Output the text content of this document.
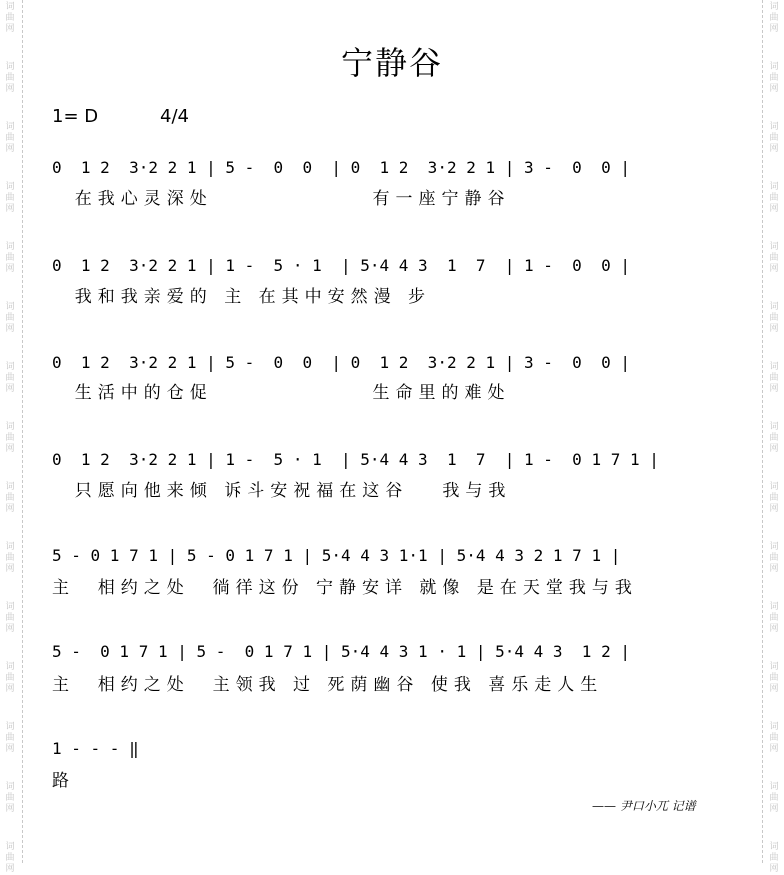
宁静谷
1= D	4/4
0  1 2  3·2 2 1 | 5 -  0  0  | 0  1 2  3·2 2 1 | 3 -  0  0 |
在我心灵深处              有一座宁静谷
0  1 2  3·2 2 1 | 1 -  5 · 1  | 5·4 4 3  1  7  | 1 -  0  0 |
我和我亲爱的 主 在其中安然漫 步
0  1 2  3·2 2 1 | 5 -  0  0  | 0  1 2  3·2 2 1 | 3 -  0  0 |
生活中的仓促              生命里的难处
0  1 2  3·2 2 1 | 1 -  5 · 1  | 5·4 4 3  1  7  | 1 -  0 1 7 1 |
只愿向他来倾 诉斗安祝福在这谷   我与我
5 - 0 1 7 1 | 5 - 0 1 7 1 | 5·4 4 3 1·1 | 5·4 4 3 2 1 7 1 |
主  相约之处  徜徉这份 宁静安详 就像 是在天堂我与我
5 -  0 1 7 1 | 5 -  0 1 7 1 | 5·4 4 3 1 · 1 | 5·4 4 3  1 2 |
主  相约之处  主领我 过 死荫幽谷 使我 喜乐走人生
1 - - - ‖
路
—— 尹口小兀 记谱
词
曲
网
词
曲
网
词
曲
网
词
曲
网
词
曲
网
词
曲
网
词
曲
网
词
曲
网
词
曲
网
词
曲
网
词
曲
网
词
曲
网
词
曲
网
词
曲
网
词
曲
网
词
曲
网
词
曲
网
词
曲
网
词
曲
网
词
曲
网
词
曲
网
词
曲
网
词
曲
网
词
曲
网
词
曲
网
词
曲
网
词
曲
网
词
曲
网
词
曲
网
词
曲
网
